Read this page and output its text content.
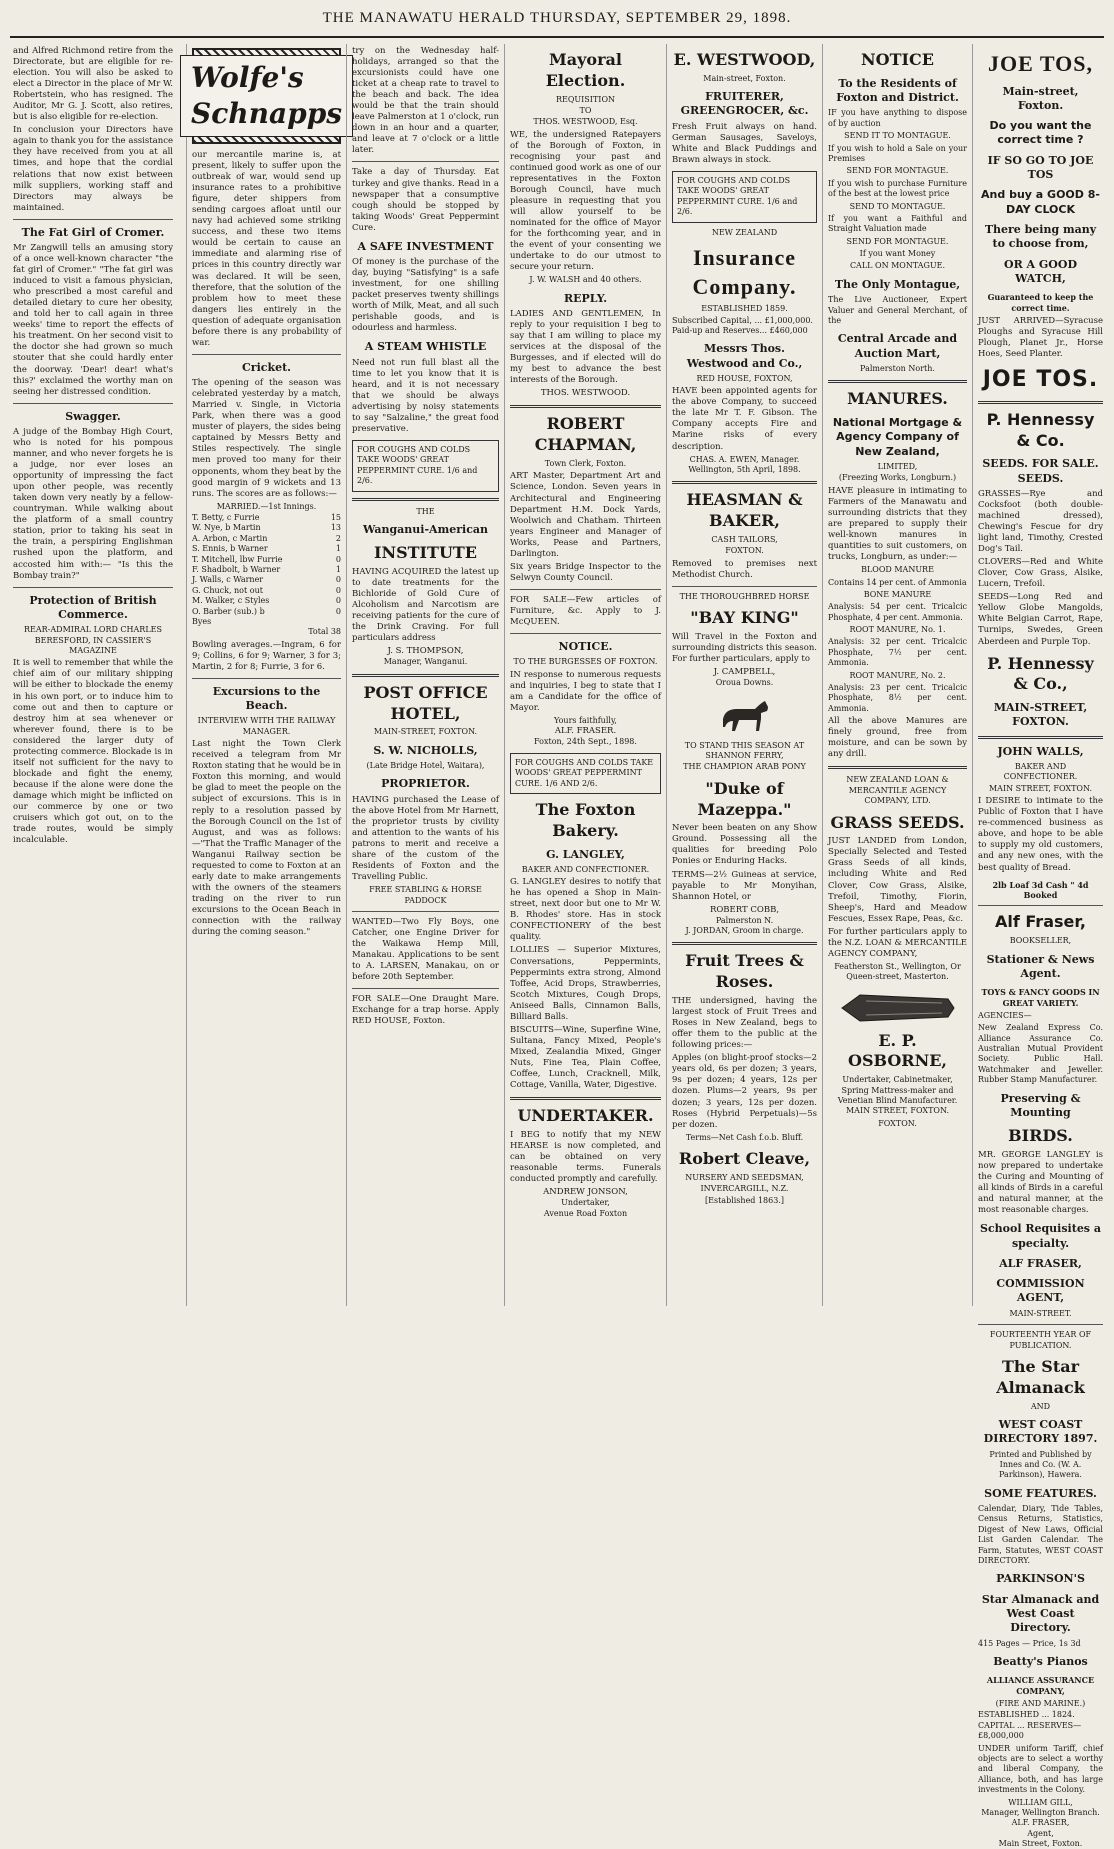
THE MANAWATU HERALD THURSDAY, SEPTEMBER 29, 1898.

and Alfred Richmond retire from the Directorate, but are eligible for re-election. You will also be asked to elect a Director in the place of Mr W. Robertstein, who has resigned. The Auditor, Mr G. J. Scott, also retires, but is also eligible for re-election.

In conclusion your Directors have again to thank you for the assistance they have received from you at all times, and hope that the cordial relations that now exist between milk suppliers, working staff and Directors may always be maintained.

The Fat Girl of Cromer.

Mr Zangwill tells an amusing story of a once well-known character "the fat girl of Cromer." "The fat girl was induced to visit a famous physician, who prescribed a most careful and detailed dietary to cure her obesity, and told her to call again in three weeks' time to report the effects of his treatment. On her second visit to the doctor she had grown so much stouter that she could hardly enter the doorway. 'Dear! dear! what's this?' exclaimed the worthy man on seeing her distressed condition.

Swagger.

A judge of the Bombay High Court, who is noted for his pompous manner, and who never forgets he is a judge, nor ever loses an opportunity of impressing the fact upon other people, was recently taken down very neatly by a fellow-countryman. While walking about the platform of a small country station, prior to taking his seat in the train, a perspiring Englishman rushed upon the platform, and accosted him with:— "Is this the Bombay train?"

Protection of British Commerce.
REAR-ADMIRAL LORD CHARLES BERESFORD, IN CASSIER'S MAGAZINE

It is well to remember that while the chief aim of our military shipping will be either to blockade the enemy in his own port, or to induce him to come out and then to capture or destroy him at sea whenever or wherever found, there is to be considered the larger duty of protecting commerce. Blockade is in itself not sufficient for the navy to blockade and fight the enemy, because if the alone were done the damage which might be inflicted on our commerce by one or two cruisers which got out, on to the trade routes, would be simply incalculable.

Wolfe's Schnapps

our mercantile marine is, at present, likely to suffer upon the outbreak of war, would send up insurance rates to a prohibitive figure, deter shippers from sending cargoes afloat until our navy had achieved some striking success, and these two items would be certain to cause an immediate and alarming rise of prices in this country directly war was declared. It will be seen, therefore, that the solution of the problem how to meet these dangers lies entirely in the question of adequate organisation before there is any probability of war.

Cricket.

The opening of the season was celebrated yesterday by a match, Married v. Single, in Victoria Park, when there was a good muster of players, the sides being captained by Messrs Betty and Stiles respectively. The single men proved too many for their opponents, whom they beat by the good margin of 9 wickets and 13 runs. The scores are as follows:—

MARRIED.—1st Innings.
T. Betty, c Furrie	15
W. Nye, b Martin	13
A. Arbon, c Martin	2
S. Ennis, b Warner	1
T. Mitchell, lbw Furrie	0
F. Shadbolt, b Warner	1
J. Walls, c Warner	0
G. Chuck, not out	0
M. Walker, c Styles	0
O. Barber (sub.) b	0
Byes
Total 38

Bowling averages.—Ingram, 6 for 9; Collins, 6 for 9; Warner, 3 for 3; Martin, 2 for 8; Furrie, 3 for 6.

Excursions to the Beach.
INTERVIEW WITH THE RAILWAY MANAGER.

Last night the Town Clerk received a telegram from Mr Roxton stating that he would be in Foxton this morning, and would be glad to meet the people on the subject of excursions. This is in reply to a resolution passed by the Borough Council on the 1st of August, and was as follows:—"That the Traffic Manager of the Wanganui Railway section be requested to come to Foxton at an early date to make arrangements with the owners of the steamers trading on the river to run excursions to the Ocean Beach in connection with the railway during the coming season."

try on the Wednesday half-holidays, arranged so that the excursionists could have one ticket at a cheap rate to travel to the beach and back. The idea would be that the train should leave Palmerston at 1 o'clock, run down in an hour and a quarter, and leave at 7 o'clock or a little later.

Take a day of Thursday. Eat turkey and give thanks. Read in a newspaper that a consumptive cough should be stopped by taking Woods' Great Peppermint Cure.

A SAFE INVESTMENT

Of money is the purchase of the day, buying "Satisfying" is a safe investment, for one shilling packet preserves twenty shillings worth of Milk, Meat, and all such perishable goods, and is odourless and harmless.

A STEAM WHISTLE

Need not run full blast all the time to let you know that it is heard, and it is not necessary that we should be always advertising by noisy statements to say "Salzaline," the great food preservative.

FOR COUGHS AND COLDS TAKE WOODS' GREAT PEPPERMINT CURE. 1/6 and 2/6.
THE
Wanganui-American
INSTITUTE

HAVING ACQUIRED the latest up to date treatments for the Bichloride of Gold Cure of Alcoholism and Narcotism are receiving patients for the cure of the Drink Craving. For full particulars address

J. S. THOMPSON,
Manager, Wanganui.
POST OFFICE HOTEL,
MAIN-STREET, FOXTON.
S. W. NICHOLLS,
(Late Bridge Hotel, Waitara),
PROPRIETOR.

HAVING purchased the Lease of the above Hotel from Mr Harnett, the proprietor trusts by civility and attention to the wants of his patrons to merit and receive a share of the custom of the Residents of Foxton and the Travelling Public.

FREE STABLING & HORSE PADDOCK

WANTED—Two Fly Boys, one Catcher, one Engine Driver for the Waikawa Hemp Mill, Manakau. Applications to be sent to A. LARSEN, Manakau, on or before 20th September.

FOR SALE—One Draught Mare. Exchange for a trap horse. Apply RED HOUSE, Foxton.

Mayoral Election.
REQUISITION
TO
THOS. WESTWOOD, Esq.

WE, the undersigned Ratepayers of the Borough of Foxton, in recognising your past and continued good work as one of our representatives in the Foxton Borough Council, have much pleasure in requesting that you will allow yourself to be nominated for the office of Mayor for the forthcoming year, and in the event of your consenting we undertake to do our utmost to secure your return.

J. W. WALSH and 40 others.
REPLY.

LADIES AND GENTLEMEN, In reply to your requisition I beg to say that I am willing to place my services at the disposal of the Burgesses, and if elected will do my best to advance the best interests of the Borough.

THOS. WESTWOOD.
ROBERT CHAPMAN,
Town Clerk, Foxton.

ART Master, Department Art and Science, London. Seven years in Architectural and Engineering Department H.M. Dock Yards, Woolwich and Chatham. Thirteen years Engineer and Manager of Works, Pease and Partners, Darlington.

Six years Bridge Inspector to the Selwyn County Council.

FOR SALE—Few articles of Furniture, &c. Apply to J. McQUEEN.

NOTICE.
TO THE BURGESSES OF FOXTON.

IN response to numerous requests and inquiries, I beg to state that I am a Candidate for the office of Mayor.

Yours faithfully,
ALF. FRASER.
Foxton, 24th Sept., 1898.
FOR COUGHS AND COLDS TAKE WOODS' GREAT PEPPERMINT CURE. 1/6 AND 2/6.
The Foxton Bakery.
G. LANGLEY,
BAKER AND CONFECTIONER.

G. LANGLEY desires to notify that he has opened a Shop in Main-street, next door but one to Mr W. B. Rhodes' store. Has in stock CONFECTIONERY of the best quality.

LOLLIES — Superior Mixtures, Conversations, Peppermints, Peppermints extra strong, Almond Toffee, Acid Drops, Strawberries, Scotch Mixtures, Cough Drops, Aniseed Balls, Cinnamon Balls, Billiard Balls.

BISCUITS—Wine, Superfine Wine, Sultana, Fancy Mixed, People's Mixed, Zealandia Mixed, Ginger Nuts, Fine Tea, Plain Coffee, Coffee, Lunch, Cracknell, Milk, Cottage, Vanilla, Water, Digestive.

UNDERTAKER.

I BEG to notify that my NEW HEARSE is now completed, and can be obtained on very reasonable terms. Funerals conducted promptly and carefully.

ANDREW JONSON,
Undertaker,
Avenue Road Foxton
E. WESTWOOD,
Main-street, Foxton.
FRUITERER, GREENGROCER, &c.

Fresh Fruit always on hand. German Sausages, Saveloys, White and Black Puddings and Brawn always in stock.

FOR COUGHS AND COLDS TAKE WOODS' GREAT PEPPERMINT CURE. 1/6 and 2/6.
NEW ZEALAND
Insurance Company.
ESTABLISHED 1859.
Subscribed Capital, ... £1,000,000.
Paid-up and Reserves... £460,000
Messrs Thos. Westwood and Co.,
RED HOUSE, FOXTON,

HAVE been appointed agents for the above Company, to succeed the late Mr T. F. Gibson. The Company accepts Fire and Marine risks of every description.

CHAS. A. EWEN, Manager.
Wellington, 5th April, 1898.
HEASMAN & BAKER,
CASH TAILORS,
FOXTON.

Removed to premises next Methodist Church.

THE THOROUGHBRED HORSE
"BAY KING"

Will Travel in the Foxton and surrounding districts this season. For further particulars, apply to

J. CAMPBELL,
Oroua Downs.
TO STAND THIS SEASON AT SHANNON FERRY,
THE CHAMPION ARAB PONY
"Duke of Mazeppa."

Never been beaten on any Show Ground. Possessing all the qualities for breeding Polo Ponies or Enduring Hacks.

TERMS—2½ Guineas at service, payable to Mr Monyihan, Shannon Hotel, or

ROBERT COBB,
Palmerston N.
J. JORDAN, Groom in charge.
Fruit Trees & Roses.

THE undersigned, having the largest stock of Fruit Trees and Roses in New Zealand, begs to offer them to the public at the following prices:—

Apples (on blight-proof stocks—2 years old, 6s per dozen; 3 years, 9s per dozen; 4 years, 12s per dozen. Plums—2 years, 9s per dozen; 3 years, 12s per dozen. Roses (Hybrid Perpetuals)—5s per dozen.

Terms—Net Cash f.o.b. Bluff.
Robert Cleave,
NURSERY AND SEEDSMAN,
INVERCARGILL, N.Z.
[Established 1863.]
NOTICE
To the Residents of Foxton and District.

IF you have anything to dispose of by auction

SEND IT TO MONTAGUE.

If you wish to hold a Sale on your Premises

SEND FOR MONTAGUE.

If you wish to purchase Furniture of the best at the lowest price

SEND TO MONTAGUE.

If you want a Faithful and Straight Valuation made

SEND FOR MONTAGUE.

If you want Money

CALL ON MONTAGUE.

The Only Montague,

The Live Auctioneer, Expert Valuer and General Merchant, of the

Central Arcade and Auction Mart,
Palmerston North.
MANURES.
National Mortgage & Agency Company of New Zealand,
LIMITED,
(Freezing Works, Longburn.)

HAVE pleasure in intimating to Farmers of the Manawatu and surrounding districts that they are prepared to supply their well-known manures in quantities to suit customers, on trucks, Longburn, as under:—

BLOOD MANURE

Contains 14 per cent. of Ammonia

BONE MANURE

Analysis: 54 per cent. Tricalcic Phosphate, 4 per cent. Ammonia.

ROOT MANURE, No. 1.

Analysis: 32 per cent. Tricalcic Phosphate, 7½ per cent. Ammonia.

ROOT MANURE, No. 2.

Analysis: 23 per cent. Tricalcic Phosphate, 8½ per cent. Ammonia.

All the above Manures are finely ground, free from moisture, and can be sown by any drill.

NEW ZEALAND LOAN & MERCANTILE AGENCY COMPANY, LTD.
GRASS SEEDS.

JUST LANDED from London, Specially Selected and Tested Grass Seeds of all kinds, including White and Red Clover, Cow Grass, Alsike, Trefoil, Timothy, Fiorin, Sheep's, Hard and Meadow Fescues, Essex Rape, Peas, &c.

For further particulars apply to the N.Z. LOAN & MERCANTILE AGENCY COMPANY,

Featherston St., Wellington, Or Queen-street, Masterton.
E. P. OSBORNE,

Undertaker, Cabinetmaker, Spring Mattress-maker and Venetian Blind Manufacturer. MAIN STREET, FOXTON.

FOXTON.
JOE TOS,
Main-street, Foxton.
Do you want the correct time ?
IF SO GO TO JOE TOS
And buy a GOOD 8-DAY CLOCK
There being many to choose from,
OR A GOOD WATCH,
Guaranteed to keep the correct time.

JUST ARRIVED—Syracuse Ploughs and Syracuse Hill Plough, Planet Jr., Horse Hoes, Seed Planter.

JOE TOS.
P. Hennessy & Co.
SEEDS. FOR SALE. SEEDS.

GRASSES—Rye and Cocksfoot (both double-machined dressed), Chewing's Fescue for dry light land, Timothy, Crested Dog's Tail.

CLOVERS—Red and White Clover, Cow Grass, Alsike, Lucern, Trefoil.

SEEDS—Long Red and Yellow Globe Mangolds, White Belgian Carrot, Rape, Turnips, Swedes, Green Aberdeen and Purple Top.

P. Hennessy & Co.,
MAIN-STREET, FOXTON.
JOHN WALLS,
BAKER AND CONFECTIONER.
MAIN STREET, FOXTON.

I DESIRE to intimate to the Public of Foxton that I have re-commenced business as above, and hope to be able to supply my old customers, and any new ones, with the best quality of Bread.

2lb Loaf 3d Cash " 4d Booked
Alf Fraser,
BOOKSELLER,
Stationer & News Agent.
TOYS & FANCY GOODS IN GREAT VARIETY.
AGENCIES—

New Zealand Express Co. Alliance Assurance Co. Australian Mutual Provident Society. Public Hall. Watchmaker and Jeweller. Rubber Stamp Manufacturer.

Preserving & Mounting
BIRDS.

MR. GEORGE LANGLEY is now prepared to undertake the Curing and Mounting of all kinds of Birds in a careful and natural manner, at the most reasonable charges.

School Requisites a specialty.
ALF FRASER,
COMMISSION AGENT,
MAIN-STREET.
FOURTEENTH YEAR OF PUBLICATION.
The Star Almanack
AND
WEST COAST DIRECTORY 1897.

Printed and Published by Innes and Co. (W. A. Parkinson), Hawera.

SOME FEATURES.

Calendar, Diary, Tide Tables, Census Returns, Statistics, Digest of New Laws, Official List Garden Calendar. The Farm, Statutes, WEST COAST DIRECTORY.

PARKINSON'S
Star Almanack and West Coast Directory.
415 Pages — Price, 1s 3d
Beatty's Pianos
ALLIANCE ASSURANCE COMPANY,
(FIRE AND MARINE.)
ESTABLISHED ... 1824.
CAPITAL ... RESERVES— £8,000,000

UNDER uniform Tariff, chief objects are to select a worthy and liberal Company, the Alliance, both, and has large investments in the Colony.

WILLIAM GILL,
Manager, Wellington Branch.
ALF. FRASER,
Agent,
Main Street, Foxton.
